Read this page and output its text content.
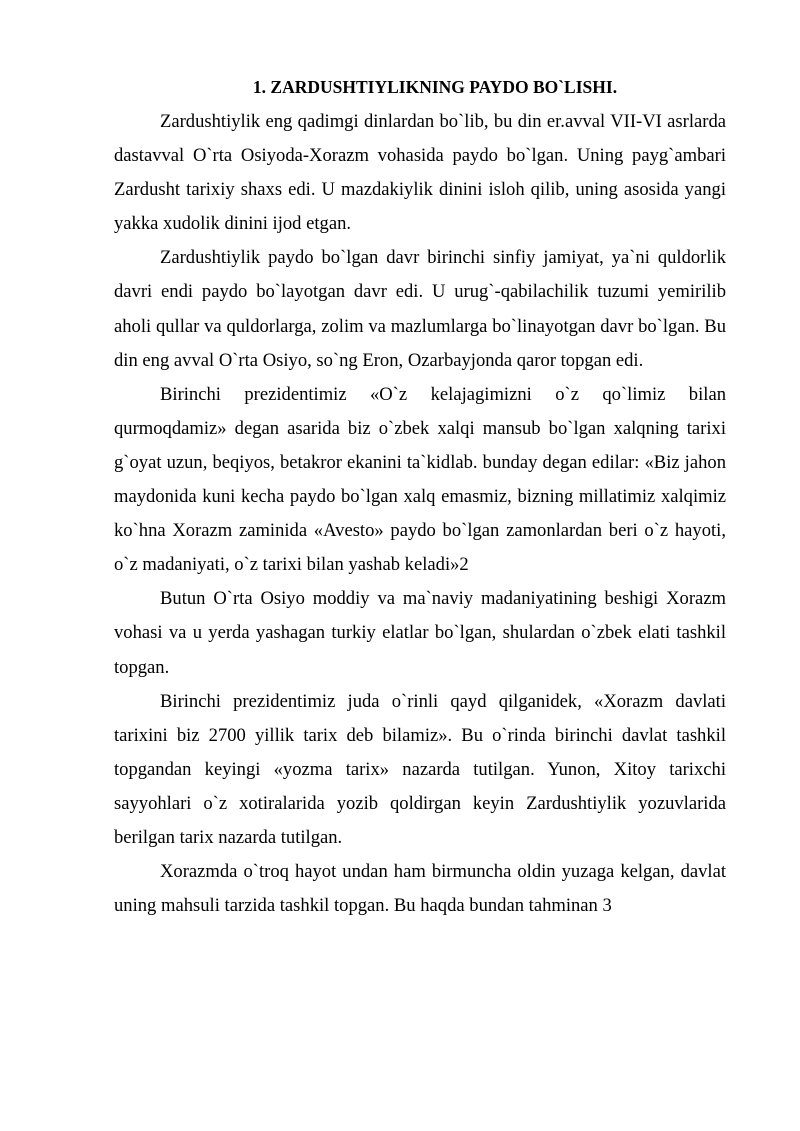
1. ZARDUSHTIYLIKNING PAYDO BO`LISHI.

Zardushtiylik eng qadimgi dinlardan bo`lib, bu din er.avval VII-VI asrlarda dastavval O`rta Osiyoda-Xorazm vohasida paydo bo`lgan. Uning payg`ambari Zardusht tarixiy shaxs edi. U mazdakiylik dinini isloh qilib, uning asosida yangi yakka xudolik dinini ijod etgan.

Zardushtiylik paydo bo`lgan davr birinchi sinfiy jamiyat, ya`ni quldorlik davri endi paydo bo`layotgan davr edi. U urug`-qabilachilik tuzumi yemirilib aholi qullar va quldorlarga, zolim va mazlumlarga bo`linayotgan davr bo`lgan. Bu din eng avval O`rta Osiyo, so`ng Eron, Ozarbayjonda qaror topgan edi.

Birinchi prezidentimiz «O`z kelajagimizni o`z qo`limiz bilan qurmoqdamiz» degan asarida biz o`zbek xalqi mansub bo`lgan xalqning tarixi g`oyat uzun, beqiyos, betakror ekanini ta`kidlab. bunday degan edilar: «Biz jahon maydonida kuni kecha paydo bo`lgan xalq emasmiz, bizning millatimiz xalqimiz ko`hna Xorazm zaminida «Avesto» paydo bo`lgan zamonlardan beri o`z hayoti, o`z madaniyati, o`z tarixi bilan yashab keladi»2

Butun O`rta Osiyo moddiy va ma`naviy madaniyatining beshigi Xorazm vohasi va u yerda yashagan turkiy elatlar bo`lgan, shulardan o`zbek elati tashkil topgan.

Birinchi prezidentimiz juda o`rinli qayd qilganidek, «Xorazm davlati tarixini biz 2700 yillik tarix deb bilamiz». Bu o`rinda birinchi davlat tashkil topgandan keyingi «yozma tarix» nazarda tutilgan. Yunon, Xitoy tarixchi sayyohlari o`z xotiralarida yozib qoldirgan keyin Zardushtiylik yozuvlarida berilgan tarix nazarda tutilgan.

Xorazmda o`troq hayot undan ham birmuncha oldin yuzaga kelgan, davlat uning mahsuli tarzida tashkil topgan. Bu haqda bundan tahminan 3
